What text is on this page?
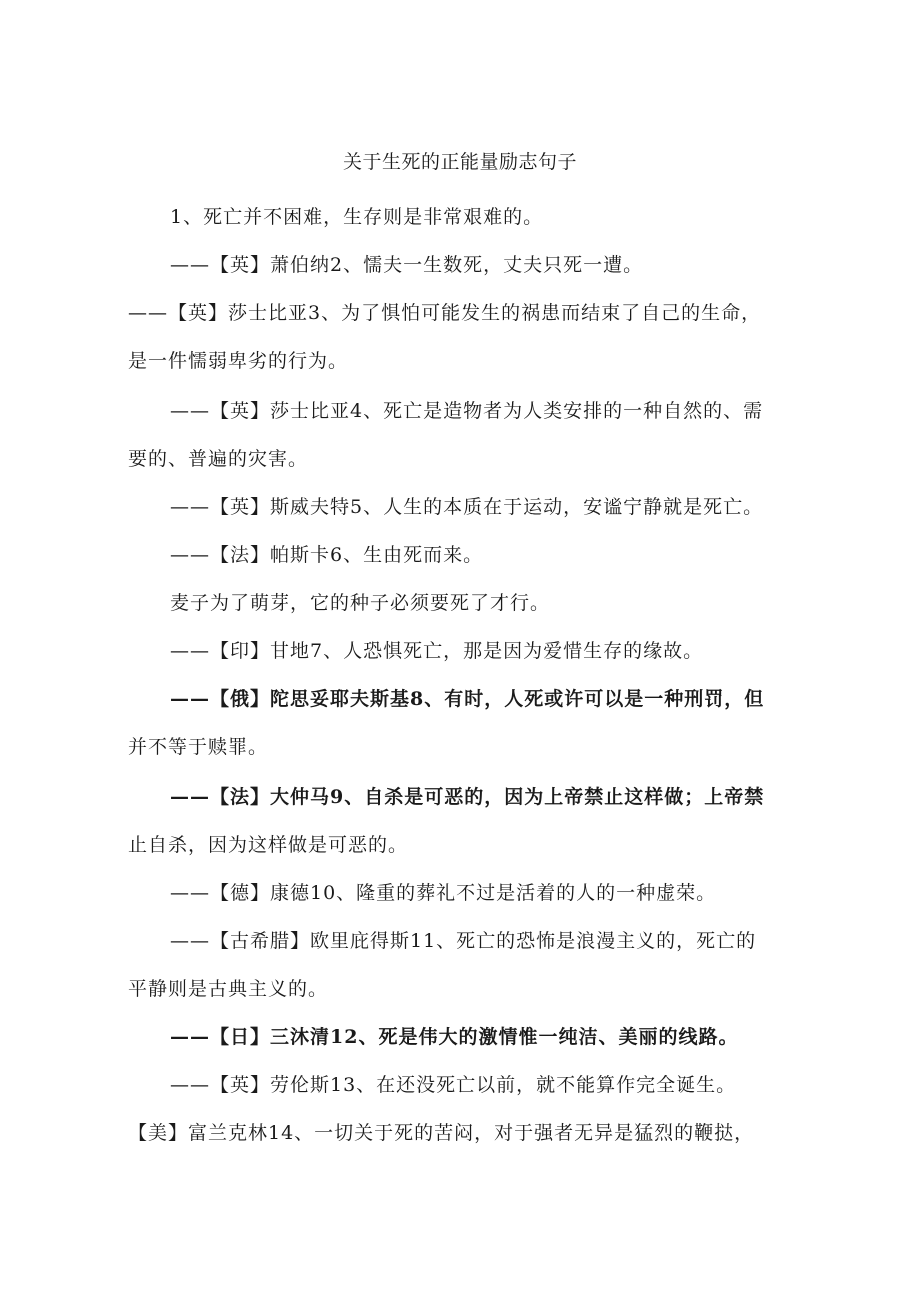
关于生死的正能量励志句子
1、死亡并不困难，生存则是非常艰难的。
——【英】萧伯纳2、懦夫一生数死，丈夫只死一遭。
——【英】莎士比亚3、为了惧怕可能发生的祸患而结束了自己的生命，
是一件懦弱卑劣的行为。
——【英】莎士比亚4、死亡是造物者为人类安排的一种自然的、需
要的、普遍的灾害。
——【英】斯威夫特5、人生的本质在于运动，安谧宁静就是死亡。
——【法】帕斯卡6、生由死而来。
麦子为了萌芽，它的种子必须要死了才行。
——【印】甘地7、人恐惧死亡，那是因为爱惜生存的缘故。
——【俄】陀思妥耶夫斯基8、有时，人死或许可以是一种刑罚，但
并不等于赎罪。
——【法】大仲马9、自杀是可恶的，因为上帝禁止这样做；上帝禁
止自杀，因为这样做是可恶的。
——【德】康德10、隆重的葬礼不过是活着的人的一种虚荣。
——【古希腊】欧里庇得斯11、死亡的恐怖是浪漫主义的，死亡的
平静则是古典主义的。
——【日】三沐清12、死是伟大的激情惟一纯洁、美丽的线路。
——【英】劳伦斯13、在还没死亡以前，就不能算作完全诞生。
【美】富兰克林14、一切关于死的苦闷，对于强者无异是猛烈的鞭挞，
